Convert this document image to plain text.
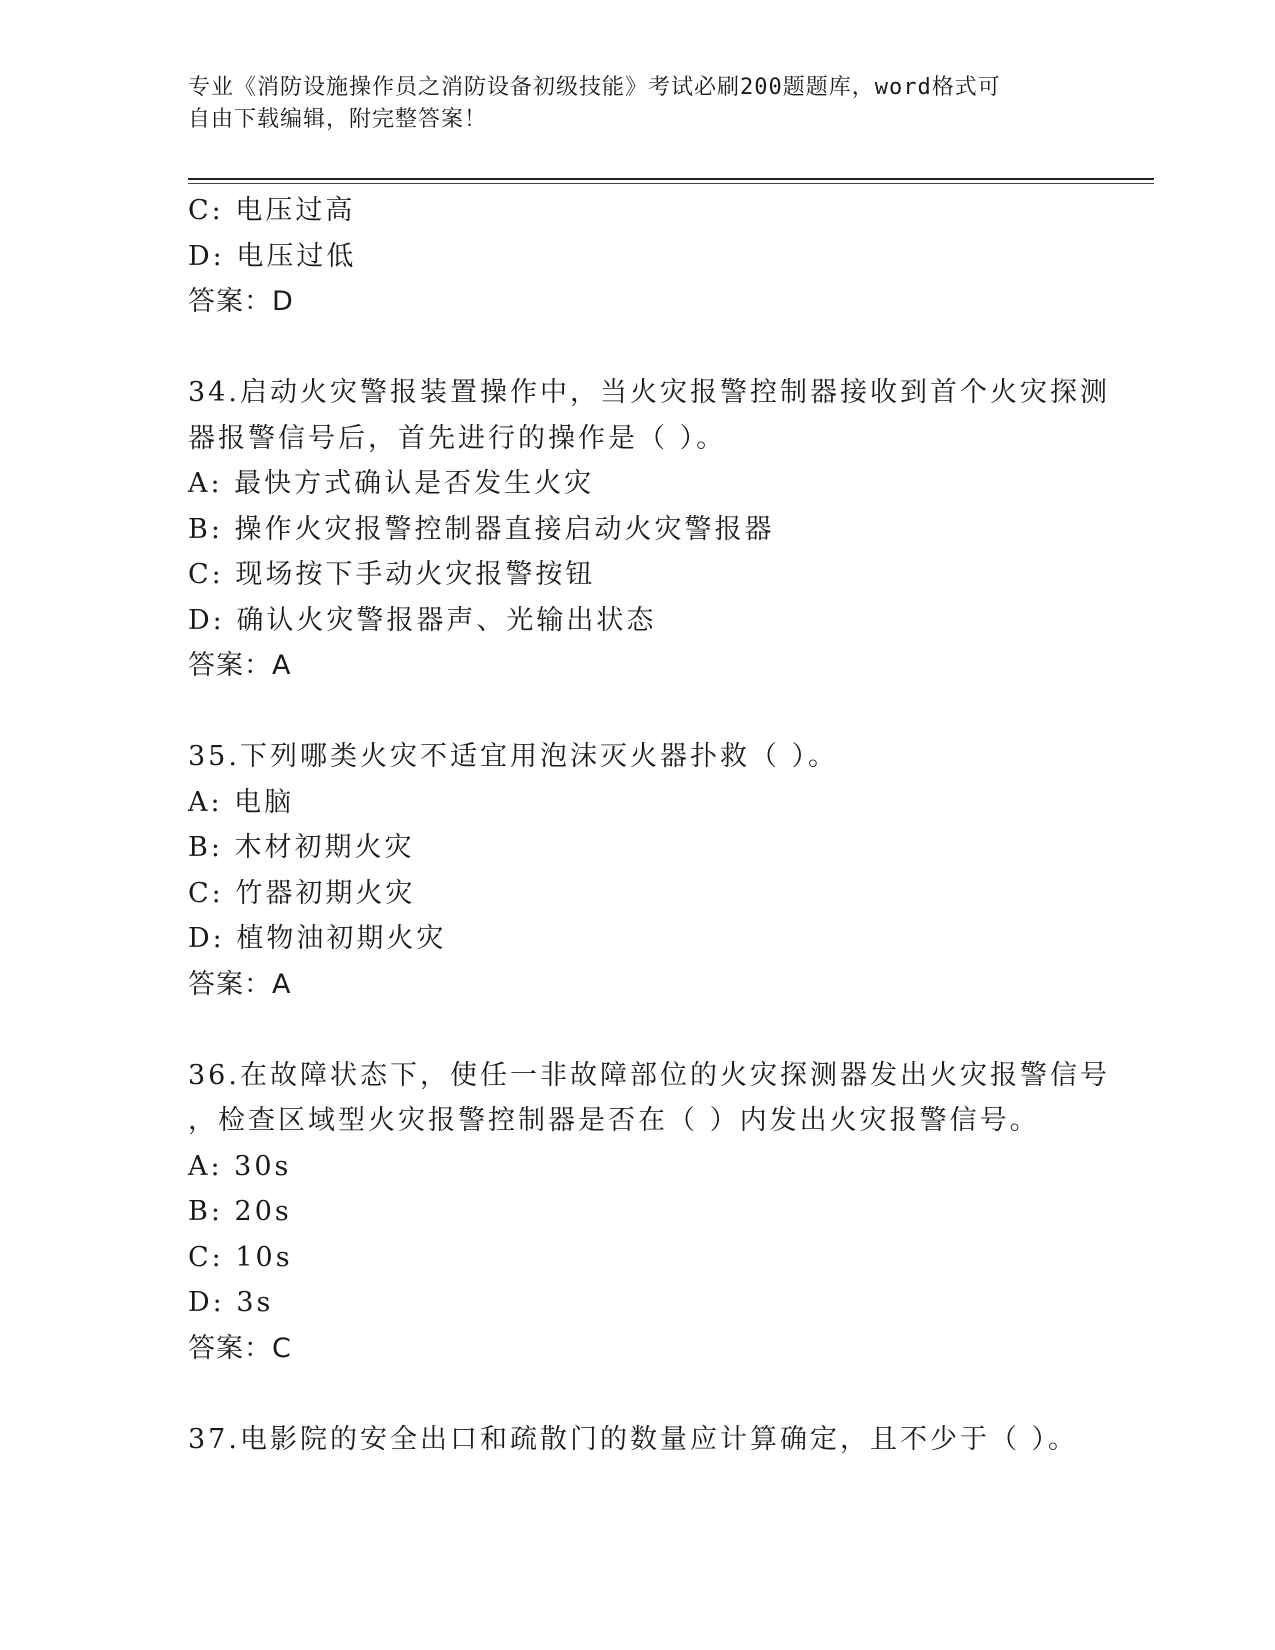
专业《消防设施操作员之消防设备初级技能》考试必刷200题题库，word格式可
自由下载编辑，附完整答案！
C: 电压过高
D: 电压过低
答案：D
34.启动火灾警报装置操作中，当火灾报警控制器接收到首个火灾探测
器报警信号后，首先进行的操作是（ ）。
A: 最快方式确认是否发生火灾
B: 操作火灾报警控制器直接启动火灾警报器
C: 现场按下手动火灾报警按钮
D: 确认火灾警报器声、光输出状态
答案：A
35.下列哪类火灾不适宜用泡沫灭火器扑救（ ）。
A: 电脑
B: 木材初期火灾
C: 竹器初期火灾
D: 植物油初期火灾
答案：A
36.在故障状态下，使任一非故障部位的火灾探测器发出火灾报警信号
，检查区域型火灾报警控制器是否在（ ）内发出火灾报警信号。
A: 30s
B: 20s
C: 10s
D: 3s
答案：C
37.电影院的安全出口和疏散门的数量应计算确定，且不少于（ ）。
